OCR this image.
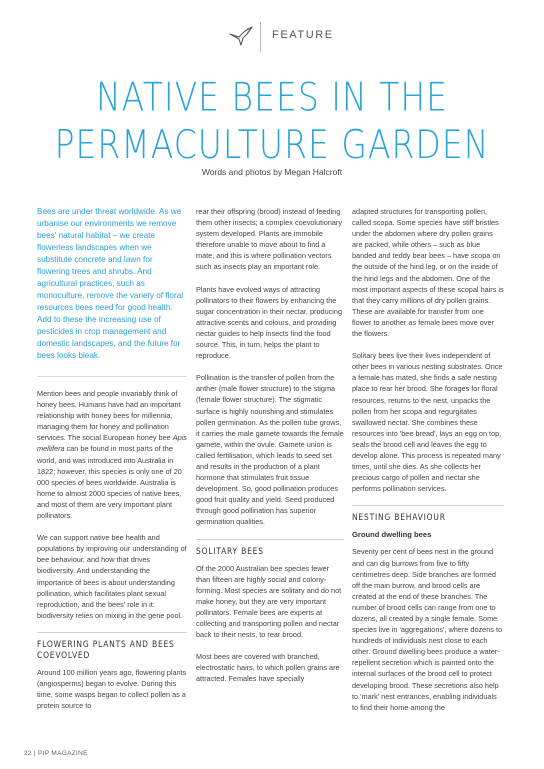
FEATURE
NATIVE BEES IN THE
PERMACULTURE GARDEN
Words and photos by Megan Halcroft

Bees are under threat worldwide. As we urbanise our environments we remove bees' natural habitat – we create flowerless landscapes when we substitute concrete and lawn for flowering trees and shrubs. And agricultural practices, such as monoculture, remove the variety of floral resources bees need for good health. Add to these the increasing use of pesticides in crop management and domestic landscapes, and the future for bees looks bleak.

Mention bees and people invariably think of honey bees. Humans have had an important relationship with honey bees for millennia, managing them for honey and pollination services. The social European honey bee Apis mellifera can be found in most parts of the world, and was introduced into Australia in 1822; however, this species is only one of 20 000 species of bees worldwide. Australia is home to almost 2000 species of native bees, and most of them are very important plant pollinators.

We can support native bee health and populations by improving our understanding of bee behaviour, and how that drives biodiversity. And understanding the importance of bees is about understanding pollination, which facilitates plant sexual reproduction, and the bees' role in it: biodiversity relies on mixing in the gene pool.

FLOWERING PLANTS AND BEES COEVOLVED

Around 100 million years ago, flowering plants (angiosperms) began to evolve. During this time, some wasps began to collect pollen as a protein source to

rear their offspring (brood) instead of feeding them other insects; a complex coevolutionary system developed. Plants are immobile therefore unable to move about to find a mate, and this is where pollination vectors such as insects play an important role.

Plants have evolved ways of attracting pollinators to their flowers by enhancing the sugar concentration in their nectar, producing attractive scents and colours, and providing nectar guides to help insects find the food source. This, in turn, helps the plant to reproduce.

Pollination is the transfer of pollen from the anther (male flower structure) to the stigma (female flower structure). The stigmatic surface is highly nourishing and stimulates pollen germination. As the pollen tube grows, it carries the male gamete towards the female gamete, within the ovule. Gamete union is called fertilisation, which leads to seed set and results in the production of a plant hormone that stimulates fruit tissue development. So, good pollination produces good fruit quality and yield. Seed produced through good pollination has superior germination qualities.

SOLITARY BEES

Of the 2000 Australian bee species fewer than fifteen are highly social and colony-forming. Most species are solitary and do not make honey, but they are very important pollinators. Female bees are experts at collecting and transporting pollen and nectar back to their nests, to rear brood.

Most bees are covered with branched, electrostatic hairs, to which pollen grains are attracted. Females have specially

adapted structures for transporting pollen, called scopa. Some species have stiff bristles under the abdomen where dry pollen grains are packed, while others – such as blue banded and teddy bear bees – have scopa on the outside of the hind leg, or on the inside of the hind legs and the abdomen. One of the most important aspects of these scopal hairs is that they carry millions of dry pollen grains. These are available for transfer from one flower to another as female bees move over the flowers.

Solitary bees live their lives independent of other bees in various nesting substrates. Once a female has mated, she finds a safe nesting place to rear her brood. She forages for floral resources, returns to the nest, unpacks the pollen from her scopa and regurgitates swallowed nectar. She combines these resources into 'bee bread', lays an egg on top, seals the brood cell and leaves the egg to develop alone. This process is repeated many times, until she dies. As she collects her precious cargo of pollen and nectar she performs pollination services.

NESTING BEHAVIOUR
Ground dwelling bees

Seventy per cent of bees nest in the ground and can dig burrows from five to fifty centimetres deep. Side branches are formed off the main burrow, and brood cells are created at the end of these branches. The number of brood cells can range from one to dozens, all created by a single female. Some species live in 'aggregations', where dozens to hundreds of individuals nest close to each other. Ground dwelling bees produce a water-repellent secretion which is painted onto the internal surfaces of the brood cell to protect developing brood. These secretions also help to 'mark' nest entrances, enabling individuals to find their home among the

22 | PIP MAGAZINE
